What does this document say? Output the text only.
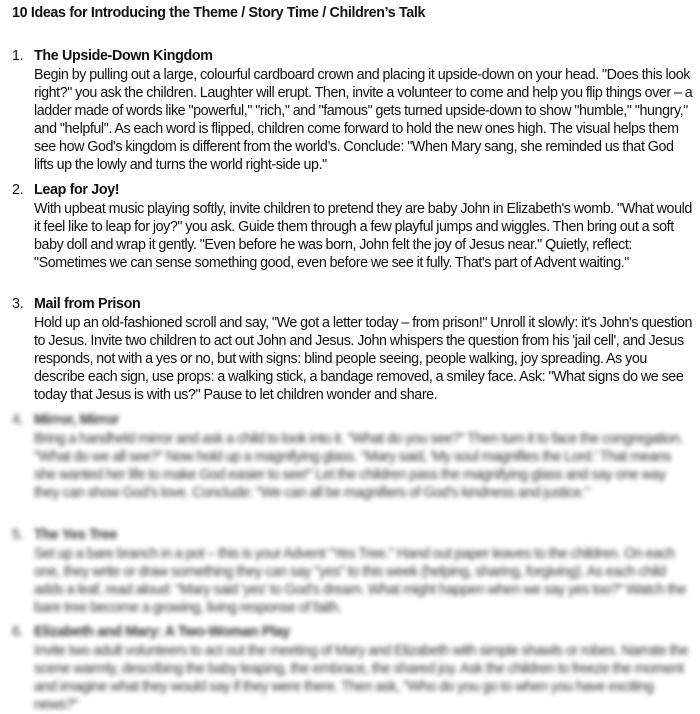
10 Ideas for Introducing the Theme / Story Time / Children’s Talk
1. The Upside-Down Kingdom
Begin by pulling out a large, colourful cardboard crown and placing it upside-down on your head. "Does this look right?" you ask the children. Laughter will erupt. Then, invite a volunteer to come and help you flip things over – a ladder made of words like "powerful," "rich," and "famous" gets turned upside-down to show "humble," "hungry," and "helpful". As each word is flipped, children come forward to hold the new ones high. The visual helps them see how God's kingdom is different from the world’s. Conclude: "When Mary sang, she reminded us that God lifts up the lowly and turns the world right-side up."
2. Leap for Joy!
With upbeat music playing softly, invite children to pretend they are baby John in Elizabeth's womb. "What would it feel like to leap for joy?" you ask. Guide them through a few playful jumps and wiggles. Then bring out a soft baby doll and wrap it gently. "Even before he was born, John felt the joy of Jesus near." Quietly, reflect: "Sometimes we can sense something good, even before we see it fully. That's part of Advent waiting."
3. Mail from Prison
Hold up an old-fashioned scroll and say, "We got a letter today – from prison!" Unroll it slowly: it's John's question to Jesus. Invite two children to act out John and Jesus. John whispers the question from his 'jail cell', and Jesus responds, not with a yes or no, but with signs: blind people seeing, people walking, joy spreading. As you describe each sign, use props: a walking stick, a bandage removed, a smiley face. Ask: "What signs do we see today that Jesus is with us?" Pause to let children wonder and share.
4. Mirror, Mirror
Bring a handheld mirror and ask a child to look into it. "What do you see?" Then turn it to face the congregation. "What do we all see?" Now hold up a magnifying glass. "Mary said, 'My soul magnifies the Lord.' That means she wanted her life to make God easier to see!" Let the children pass the magnifying glass and say one way they can show God’s love. Conclude: "We can all be magnifiers of God’s kindness and justice."
5. The Yes Tree
Set up a bare branch in a pot – this is your Advent "Yes Tree." Hand out paper leaves to the children. On each one, they write or draw something they can say "yes" to this week (helping, sharing, forgiving). As each child adds a leaf, read aloud: "Mary said 'yes' to God’s dream. What might happen when we say yes too?" Watch the bare tree become a growing, living response of faith.
6. Elizabeth and Mary: A Two-Woman Play
Invite two adult volunteers to act out the meeting of Mary and Elizabeth with simple shawls or robes. Narrate the scene warmly, describing the baby leaping, the embrace, the shared joy. Ask the children to freeze the moment and imagine what they would say if they were there. Then ask, "Who do you go to when you have exciting news?"
